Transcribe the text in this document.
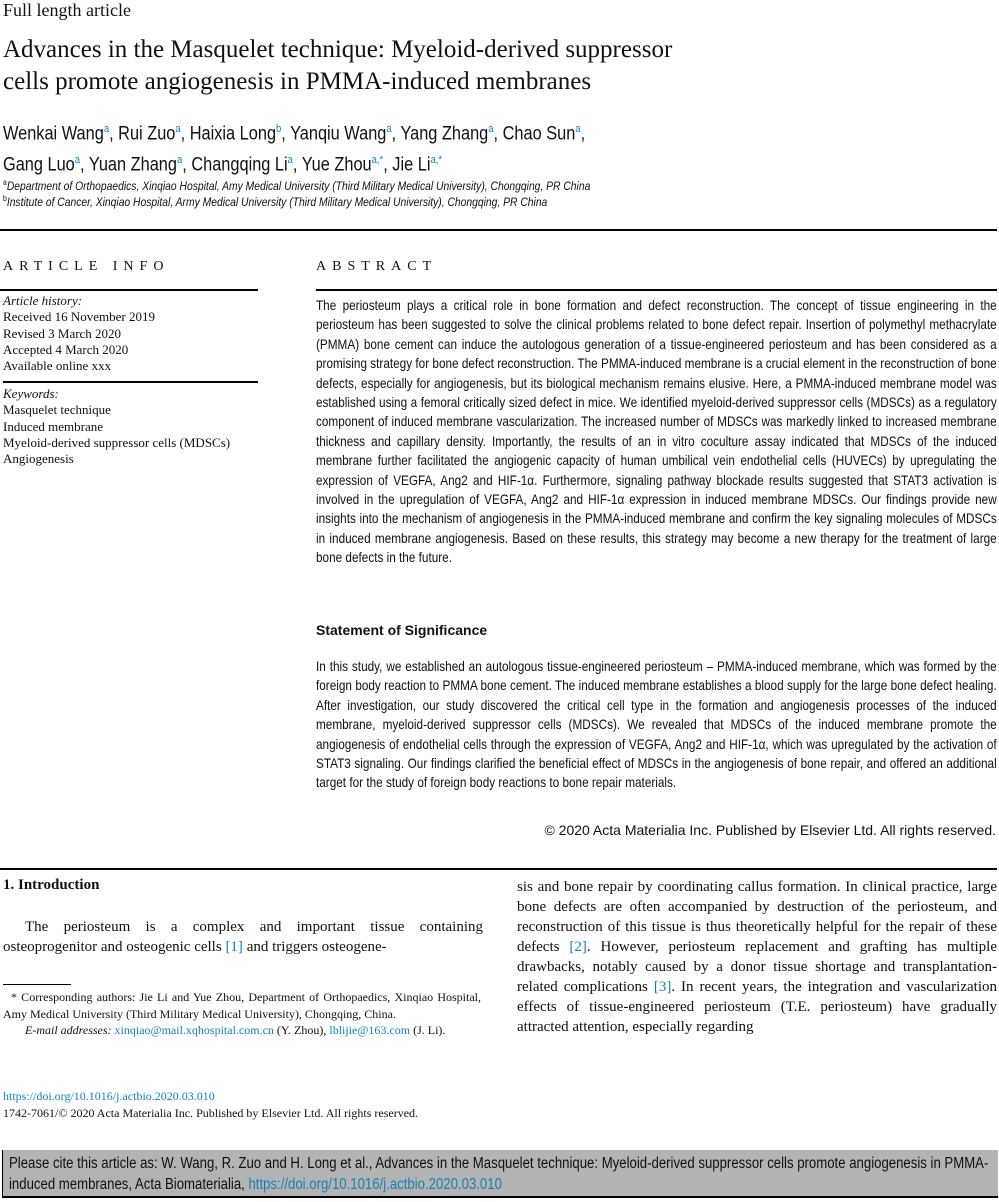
Full length article
Advances in the Masquelet technique: Myeloid-derived suppressor
cells promote angiogenesis in PMMA-induced membranes
Wenkai Wang$^a$, Rui Zuo$^a$, Haixia Long$^b$, Yanqiu Wang$^a$, Yang Zhang$^a$, Chao Sun$^a$,
Gang Luo$^a$, Yuan Zhang$^a$, Changqing Li$^a$, Yue Zhou$^{a,*}$, Jie $Li^{a,*}$
$^a$Department of Orthopaedics, Xinqiao Hospital, Amy Medical University (Third Military Medical University), Chongqing, PR China
$^b$Institute of Cancer, Xinqiao Hospital, Army Medical University (Third Military Medical University), Chongqing, PR China
ARTICLE INFO	ABSTRACT
Article history:
Received 16 November 2019
Revised 3 March 2020
Accepted 4 March 2020
Available online xxx
Keywords:
Masquelet technique
Induced membrane
Myeloid-derived suppressor cells (MDSCs)
Angiogenesis

The periosteum plays a critical role in bone formation and defect reconstruction. The concept of tissue engineering in the periosteum has been suggested to solve the clinical problems related to bone defect repair. Insertion of polymethyl methacrylate (PMMA) bone cement can induce the autologous generation of a tissue-engineered periosteum and has been considered as a promising strategy for bone defect reconstruction. The PMMA-induced membrane is a crucial element in the reconstruction of bone defects, especially for angiogenesis, but its biological mechanism remains elusive. Here, a PMMA-induced membrane model was established using a femoral critically sized defect in mice. We identified myeloid-derived suppressor cells (MDSCs) as a regulatory component of induced membrane vascularization. The increased number of MDSCs was markedly linked to increased membrane thickness and capillary density. Importantly, the results of an in vitro coculture assay indicated that MDSCs of the induced membrane further facilitated the angiogenic capacity of human umbilical vein endothelial cells (HUVECs) by upregulating the expression of VEGFA, Ang2 and HIF-1α. Furthermore, signaling pathway blockade results suggested that STAT3 activation is involved in the upregulation of VEGFA, Ang2 and HIF-1α expression in induced membrane MDSCs. Our findings provide new insights into the mechanism of angiogenesis in the PMMA-induced membrane and confirm the key signaling molecules of MDSCs in induced membrane angiogenesis. Based on these results, this strategy may become a new therapy for the treatment of large bone defects in the future.

Statement of Significance

In this study, we established an autologous tissue-engineered periosteum – PMMA-induced membrane, which was formed by the foreign body reaction to PMMA bone cement. The induced membrane establishes a blood supply for the large bone defect healing. After investigation, our study discovered the critical cell type in the formation and angiogenesis processes of the induced membrane, myeloid-derived suppressor cells (MDSCs). We revealed that MDSCs of the induced membrane promote the angiogenesis of endothelial cells through the expression of VEGFA, Ang2 and HIF-1α, which was upregulated by the activation of STAT3 signaling. Our findings clarified the beneficial effect of MDSCs in the angiogenesis of bone repair, and offered an additional target for the study of foreign body reactions to bone repair materials.

© 2020 Acta Materialia Inc. Published by Elsevier Ltd. All rights reserved.
1. Introduction
The periosteum is a complex and important tissue containing osteoprogenitor and osteogenic cells [1] and triggers osteogene-
sis and bone repair by coordinating callus formation. In clinical practice, large bone defects are often accompanied by destruction of the periosteum, and reconstruction of this tissue is thus theoretically helpful for the repair of these defects [2]. However, periosteum replacement and grafting has multiple drawbacks, notably caused by a donor tissue shortage and transplantation-related complications [3]. In recent years, the integration and vascularization effects of tissue-engineered periosteum (T.E. periosteum) have gradually attracted attention, especially regarding
* Corresponding authors: Jie Li and Yue Zhou, Department of Orthopaedics, Xinqiao Hospital, Amy Medical University (Third Military Medical University), Chongqing, China.
E-mail addresses: xinqiao@mail.xqhospital.com.cn (Y. Zhou), lblijie@163.com (J. Li).
https://doi.org/10.1016/j.actbio.2020.03.010
1742-7061/© 2020 Acta Materialia Inc. Published by Elsevier Ltd. All rights reserved.
Please cite this article as: W. Wang, R. Zuo and H. Long et al., Advances in the Masquelet technique: Myeloid-derived suppressor cells promote angiogenesis in PMMA-induced membranes, Acta Biomaterialia, https://doi.org/10.1016/j.actbio.2020.03.010
